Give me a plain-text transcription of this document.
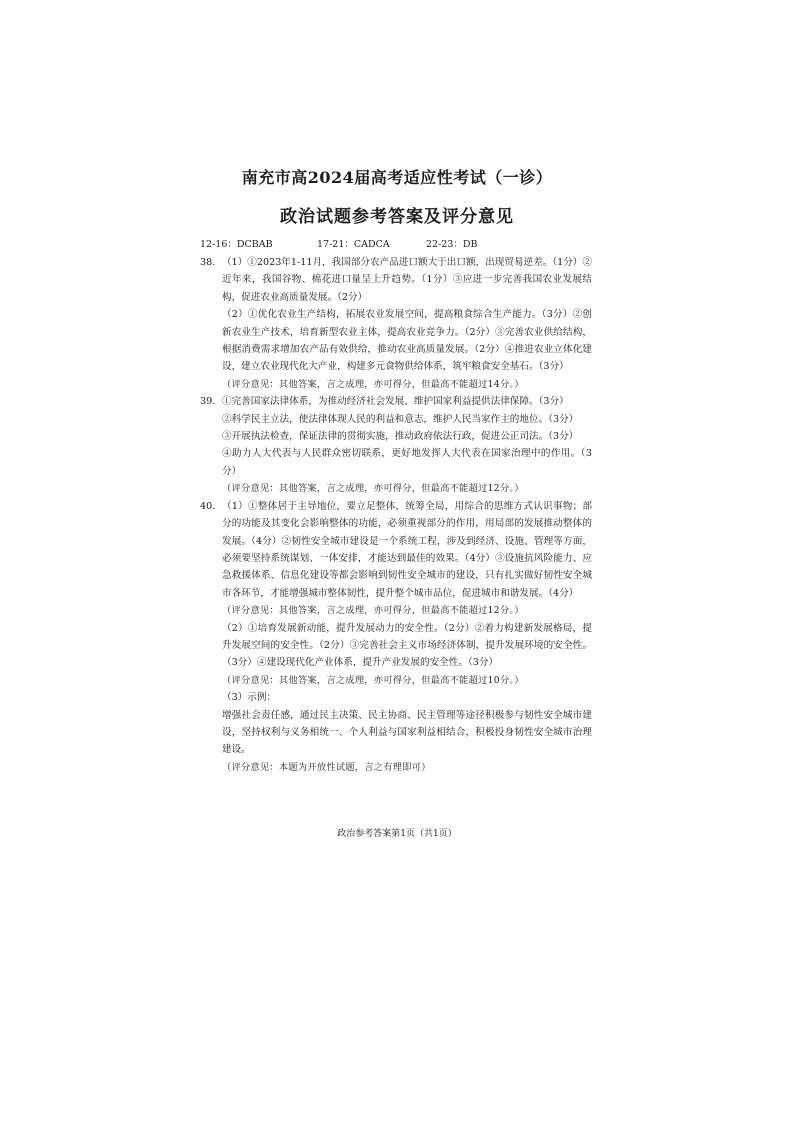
南充市高2024届高考适应性考试（一诊）
政治试题参考答案及评分意见
12-16：DCBAB	17-21：CADCA	22-23：DB
38. （1）①2023年1-11月，我国部分农产品进口额大于出口额，出现贸易逆差。（1分）②近年来，我国谷物、棉花进口量呈上升趋势。（1分）③应进一步完善我国农业发展结构，促进农业高质量发展。（2分）

（2）①优化农业生产结构，拓展农业发展空间，提高粮食综合生产能力。（3分）②创新农业生产技术，培育新型农业主体，提高农业竞争力。（2分）③完善农业供给结构，根据消费需求增加农产品有效供给，推动农业高质量发展。（2分）④推进农业立体化建设，建立农业现代化大产业，构建多元食物供给体系，筑牢粮食安全基石。（3分）

（评分意见：其他答案，言之成理，亦可得分，但最高不能超过14分。）

39. ①完善国家法律体系，为推动经济社会发展、维护国家利益提供法律保障。（3分）

②科学民主立法，使法律体现人民的利益和意志，维护人民当家作主的地位。（3分）

③开展执法检查，保证法律的贯彻实施，推动政府依法行政，促进公正司法。（3分）

④助力人大代表与人民群众密切联系，更好地发挥人大代表在国家治理中的作用。（3分）

（评分意见：其他答案，言之成理，亦可得分，但最高不能超过12分。）

40. （1）①整体居于主导地位，要立足整体，统筹全局，用综合的思维方式认识事物；部分的功能及其变化会影响整体的功能，必须重视部分的作用，用局部的发展推动整体的发展。（4分）②韧性安全城市建设是一个系统工程，涉及到经济、设施、管理等方面，必须要坚持系统谋划、一体安排，才能达到最佳的效果。（4分）③设施抗风险能力、应急救援体系、信息化建设等都会影响到韧性安全城市的建设，只有扎实做好韧性安全城市各环节，才能增强城市整体韧性，提升整个城市品位，促进城市和谐发展。（4分）

（评分意见：其他答案，言之成理，亦可得分，但最高不能超过12分。）

（2）①培育发展新动能，提升发展动力的安全性。（2分）②着力构建新发展格局，提升发展空间的安全性。（2分）③完善社会主义市场经济体制，提升发展环境的安全性。（3分）④建设现代化产业体系，提升产业发展的安全性。（3分）

（评分意见：其他答案，言之成理，亦可得分，但最高不能超过10分。）

（3）示例：

增强社会责任感，通过民主决策、民主协商、民主管理等途径积极参与韧性安全城市建设，坚持权利与义务相统一、个人利益与国家利益相结合，积极投身韧性安全城市治理建设。

（评分意见：本题为开放性试题，言之有理即可）

政治参考答案第1页（共1页）
